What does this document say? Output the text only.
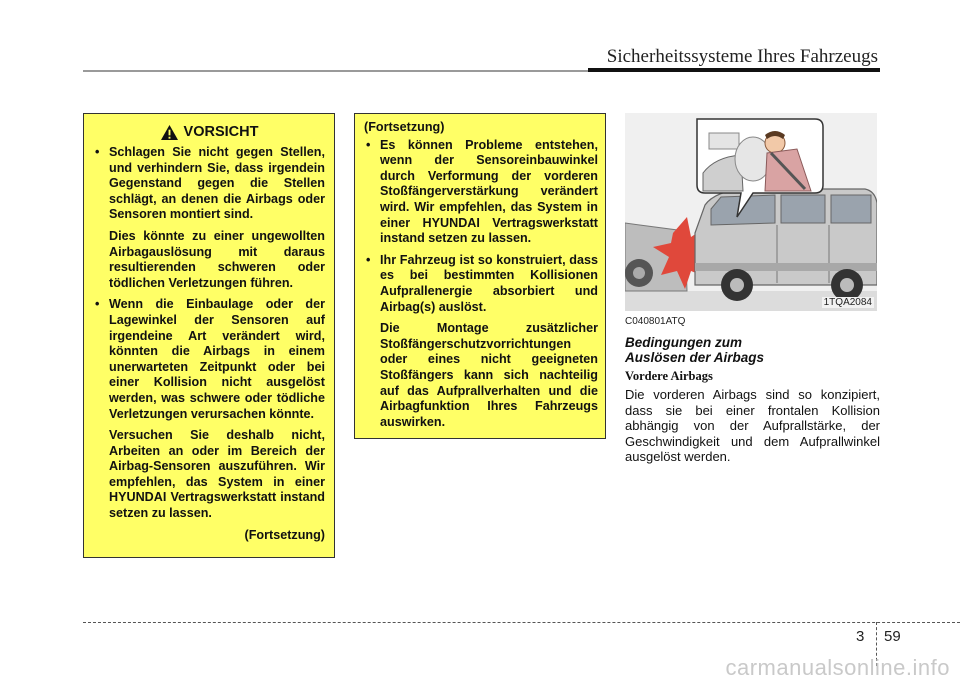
Sicherheitssysteme Ihres Fahrzeugs
VORSICHT
• Schlagen Sie nicht gegen Stellen, und verhindern Sie, dass irgendein Gegenstand gegen die Stellen schlägt, an denen die Airbags oder Sensoren montiert sind.

Dies könnte zu einer ungewollten Airbagauslösung mit daraus resultierenden schweren oder tödlichen Verletzungen führen.

• Wenn die Einbaulage oder der Lagewinkel der Sensoren auf irgendeine Art verändert wird, könnten die Airbags in einem unerwarteten Zeitpunkt oder bei einer Kollision nicht ausgelöst werden, was schwere oder tödliche Verletzungen verursachen könnte.

Versuchen Sie deshalb nicht, Arbeiten an oder im Bereich der Airbag-Sensoren auszuführen. Wir empfehlen, das System in einer HYUNDAI Vertragswerkstatt instand setzen zu lassen.

(Fortsetzung)

(Fortsetzung)
• Es können Probleme entstehen, wenn der Sensoreinbauwinkel durch Verformung der vorderen Stoßfängerverstärkung verändert wird. Wir empfehlen, das System in einer HYUNDAI Vertragswerkstatt instand setzen zu lassen.
• Ihr Fahrzeug ist so konstruiert, dass es bei bestimmten Kollisionen Aufprallenergie absorbiert und Airbag(s) auslöst.

Die Montage zusätzlicher Stoßfängerschutzvorrichtungen oder eines nicht geeigneten Stoßfängers kann sich nachteilig auf das Aufprallverhalten und die Airbagfunktion Ihres Fahrzeugs auswirken.

1TQA2084
C040801ATQ
Bedingungen zum
Auslösen der Airbags
Vordere Airbags
Die vorderen Airbags sind so konzipiert, dass sie bei einer frontalen Kollision abhängig von der Aufprallstärke, der Geschwindigkeit und dem Aufprallwinkel ausgelöst werden.
3 59
carmanualsonline.info
